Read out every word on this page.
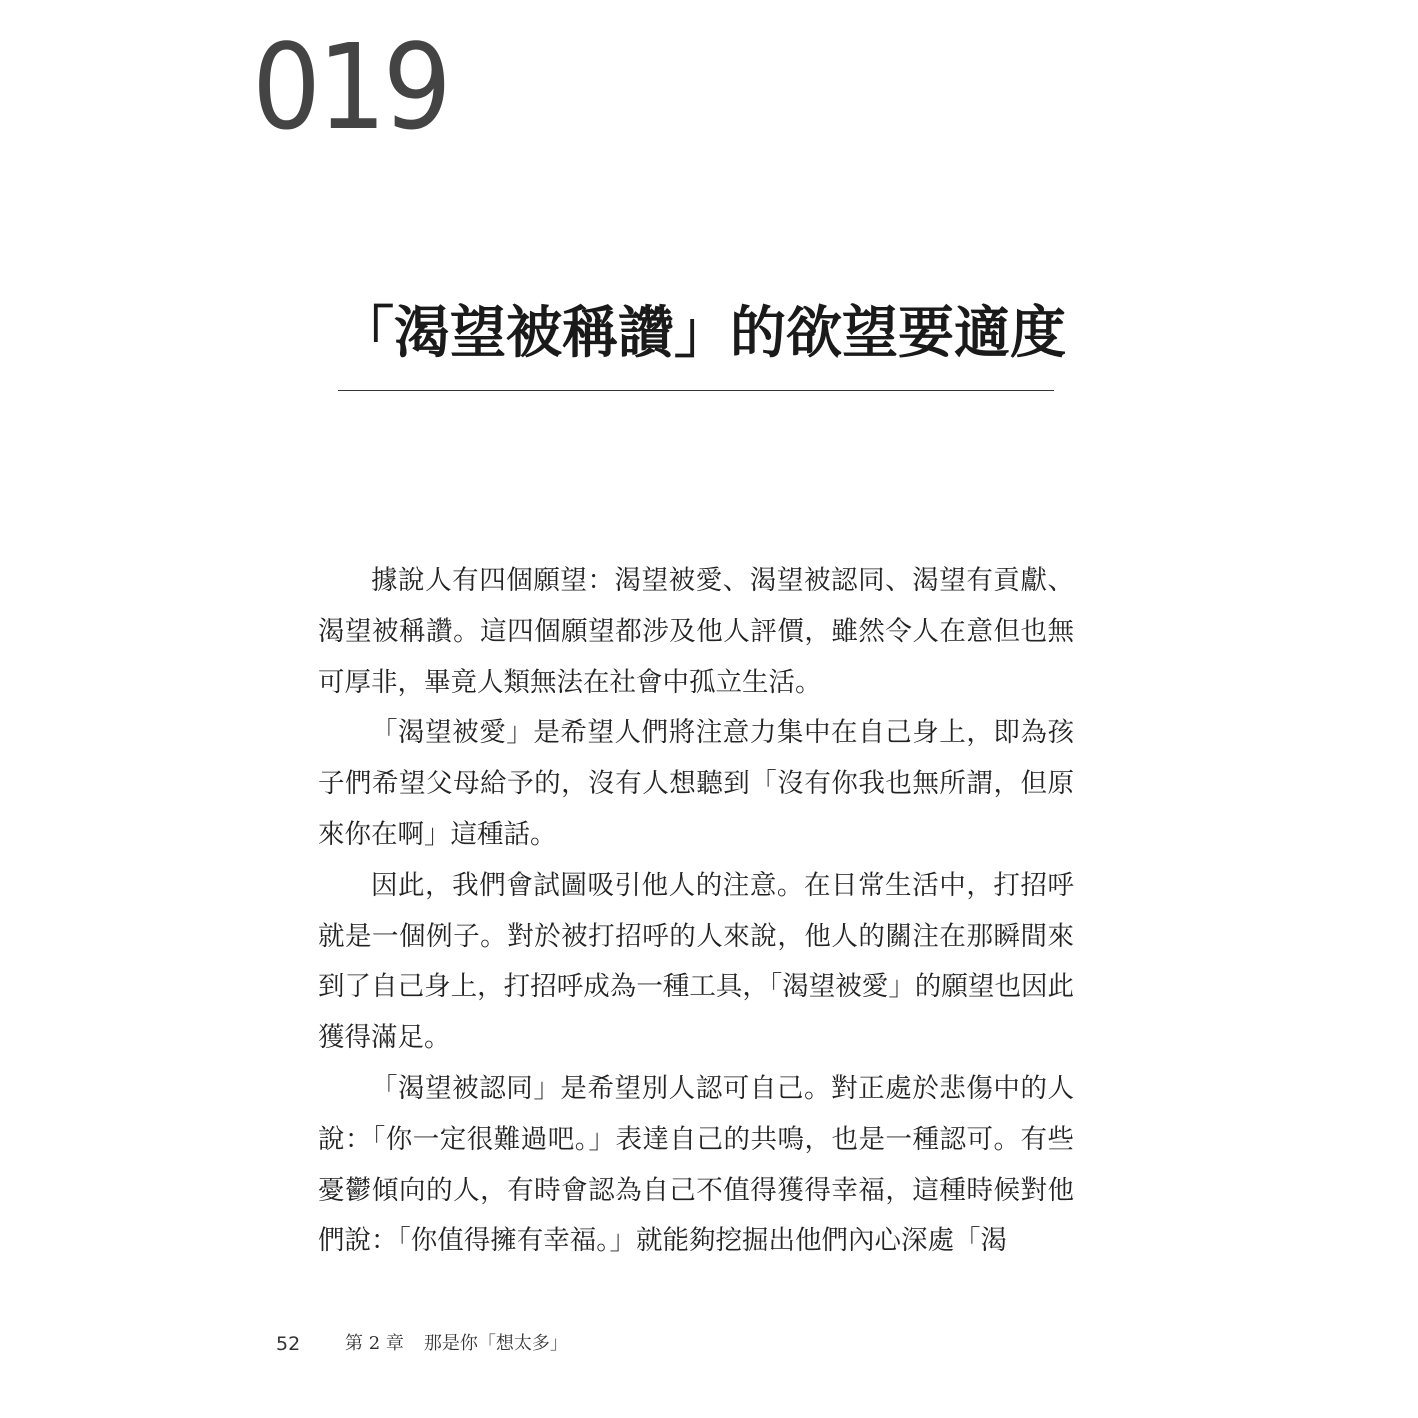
019
「渴望被稱讚」的欲望要適度

據說人有四個願望：渴望被愛、渴望被認同、渴望有貢獻、渴望被稱讚。這四個願望都涉及他人評價，雖然令人在意但也無可厚非，畢竟人類無法在社會中孤立生活。

「渴望被愛」是希望人們將注意力集中在自己身上，即為孩子們希望父母給予的，沒有人想聽到「沒有你我也無所謂，但原來你在啊」這種話。

因此，我們會試圖吸引他人的注意。在日常生活中，打招呼就是一個例子。對於被打招呼的人來說，他人的關注在那瞬間來到了自己身上，打招呼成為一種工具，「渴望被愛」的願望也因此獲得滿足。

「渴望被認同」是希望別人認可自己。對正處於悲傷中的人說：「你一定很難過吧。」表達自己的共鳴，也是一種認可。有些憂鬱傾向的人，有時會認為自己不值得獲得幸福，這種時候對他們說：「你值得擁有幸福。」就能夠挖掘出他們內心深處「渴

52 第 2 章 那是你「想太多」
